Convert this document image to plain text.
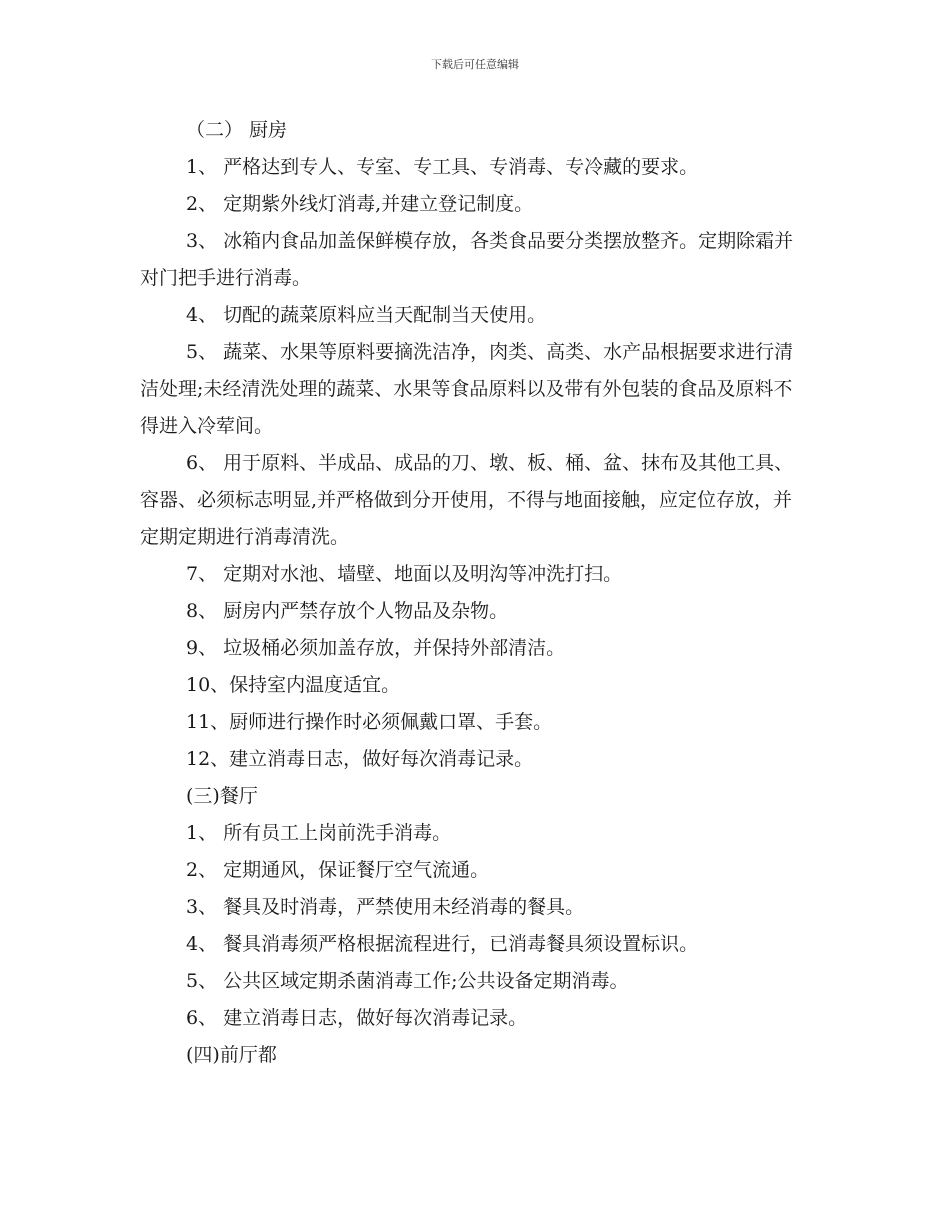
下载后可任意编辑

（二） 厨房

1、 严格达到专人、专室、专工具、专消毒、专冷藏的要求。

2、 定期紫外线灯消毒,并建立登记制度。

3、 冰箱内食品加盖保鲜模存放，各类食品要分类摆放整齐。定期除霜并对门把手进行消毒。

4、 切配的蔬菜原料应当天配制当天使用。

5、 蔬菜、水果等原料要摘洗洁净，肉类、高类、水产品根据要求进行清洁处理;未经清洗处理的蔬菜、水果等食品原料以及带有外包装的食品及原料不得进入冷荤间。

6、 用于原料、半成品、成品的刀、墩、板、桶、盆、抹布及其他工具、容器、必须标志明显,并严格做到分开使用，不得与地面接触，应定位存放，并定期定期进行消毒清洗。

7、 定期对水池、墙壁、地面以及明沟等冲洗打扫。

8、 厨房内严禁存放个人物品及杂物。

9、 垃圾桶必须加盖存放，并保持外部清洁。

10、保持室内温度适宜。

11、厨师进行操作时必须佩戴口罩、手套。

12、建立消毒日志，做好每次消毒记录。

(三)餐厅

1、 所有员工上岗前洗手消毒。

2、 定期通风，保证餐厅空气流通。

3、 餐具及时消毒，严禁使用未经消毒的餐具。

4、 餐具消毒须严格根据流程进行，已消毒餐具须设置标识。

5、 公共区域定期杀菌消毒工作;公共设备定期消毒。

6、 建立消毒日志，做好每次消毒记录。

(四)前厅都
